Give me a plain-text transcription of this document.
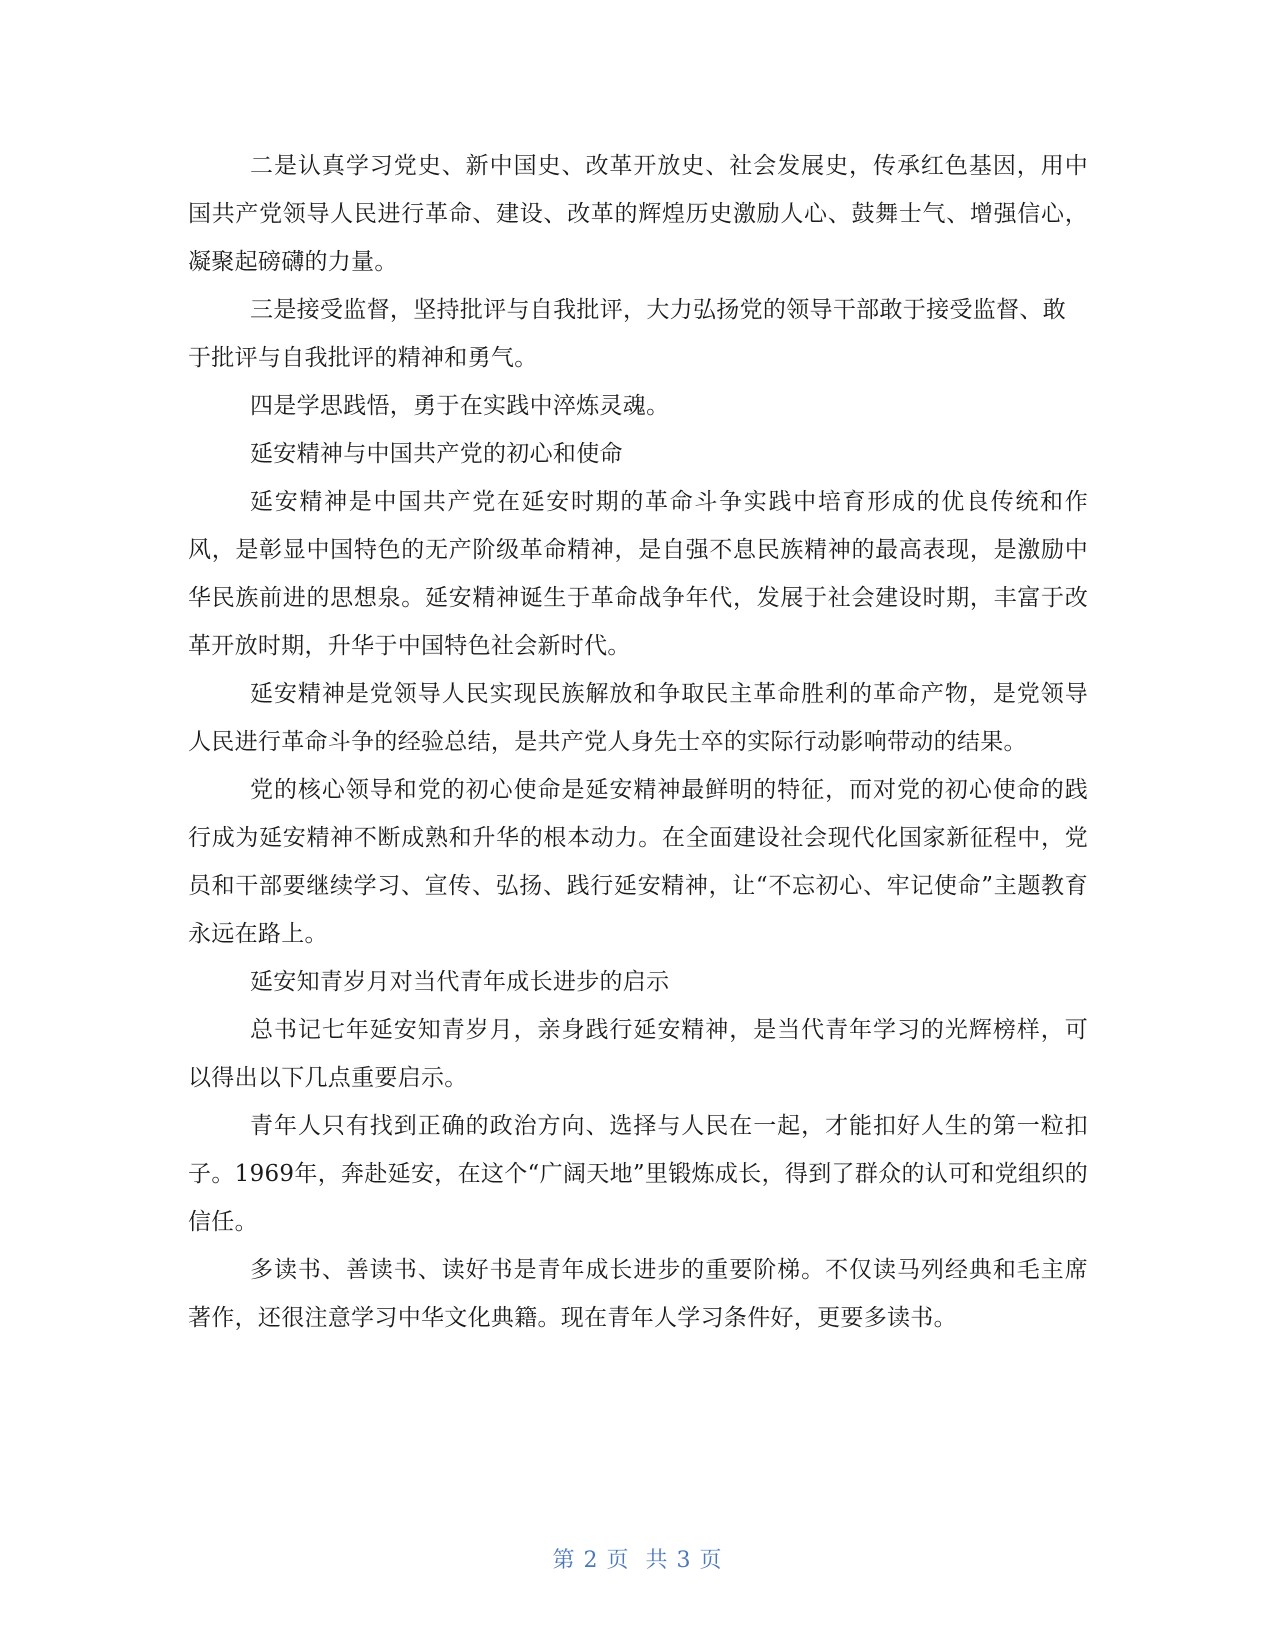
二是认真学习党史、新中国史、改革开放史、社会发展史，传承红色基因，用中国共产党领导人民进行革命、建设、改革的辉煌历史激励人心、鼓舞士气、增强信心，凝聚起磅礴的力量。

三是接受监督，坚持批评与自我批评，大力弘扬党的领导干部敢于接受监督、敢于批评与自我批评的精神和勇气。

四是学思践悟，勇于在实践中淬炼灵魂。

延安精神与中国共产党的初心和使命

延安精神是中国共产党在延安时期的革命斗争实践中培育形成的优良传统和作风，是彰显中国特色的无产阶级革命精神，是自强不息民族精神的最高表现，是激励中华民族前进的思想泉。延安精神诞生于革命战争年代，发展于社会建设时期，丰富于改革开放时期，升华于中国特色社会新时代。

延安精神是党领导人民实现民族解放和争取民主革命胜利的革命产物，是党领导人民进行革命斗争的经验总结，是共产党人身先士卒的实际行动影响带动的结果。

党的核心领导和党的初心使命是延安精神最鲜明的特征，而对党的初心使命的践行成为延安精神不断成熟和升华的根本动力。在全面建设社会现代化国家新征程中，党员和干部要继续学习、宣传、弘扬、践行延安精神，让“不忘初心、牢记使命”主题教育永远在路上。

延安知青岁月对当代青年成长进步的启示

总书记七年延安知青岁月，亲身践行延安精神，是当代青年学习的光辉榜样，可以得出以下几点重要启示。

青年人只有找到正确的政治方向、选择与人民在一起，才能扣好人生的第一粒扣子。1969年，奔赴延安，在这个“广阔天地”里锻炼成长，得到了群众的认可和党组织的信任。

多读书、善读书、读好书是青年成长进步的重要阶梯。不仅读马列经典和毛主席著作，还很注意学习中华文化典籍。现在青年人学习条件好，更要多读书。

第 2 页 共 3 页
